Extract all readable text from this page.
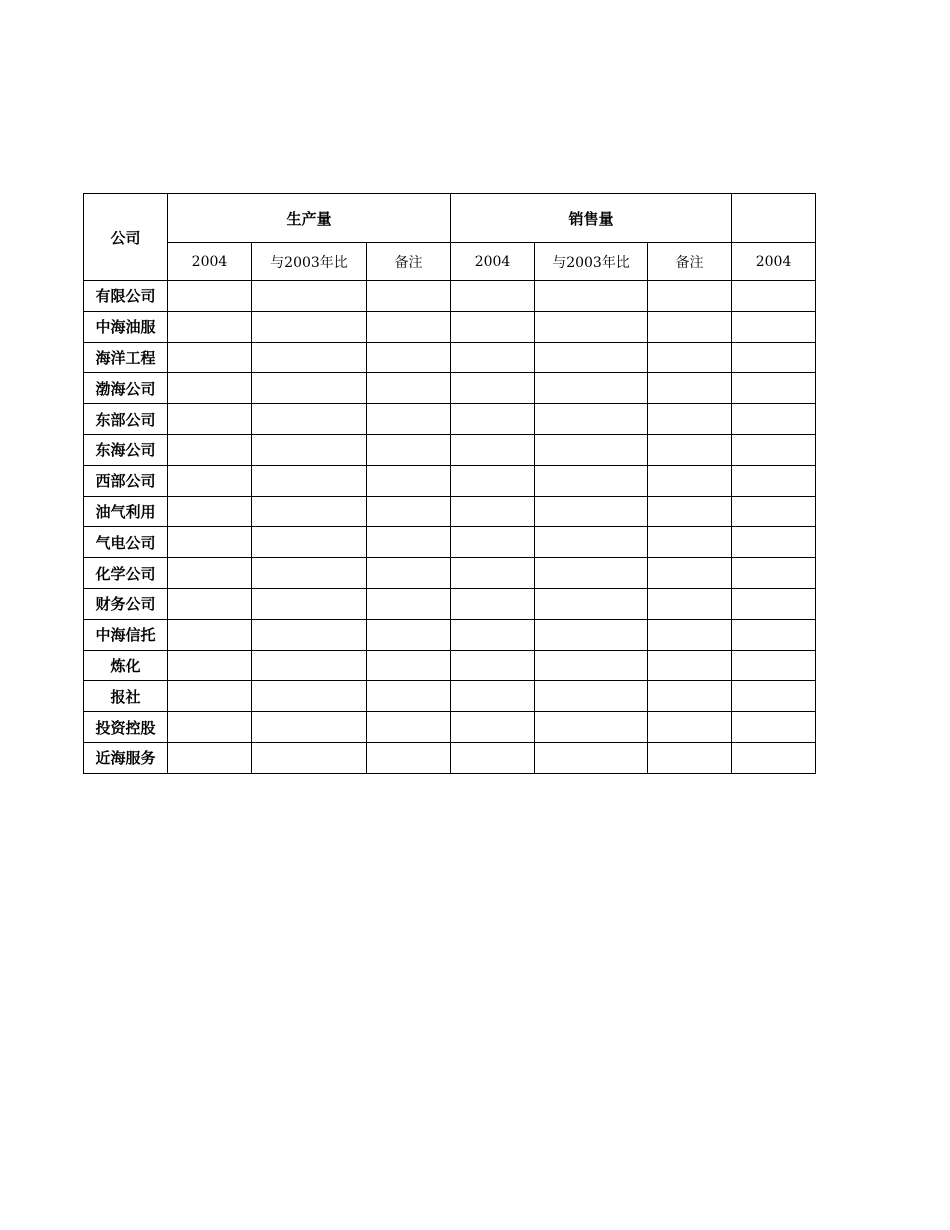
公司	生产量			销售量			
	2004	与2003年比	备注	2004	与2003年比	备注	2004
有限公司							
中海油服							
海洋工程							
渤海公司							
东部公司							
东海公司							
西部公司							
油气利用							
气电公司							
化学公司							
财务公司							
中海信托							
炼化							
报社							
投资控股							
近海服务							
